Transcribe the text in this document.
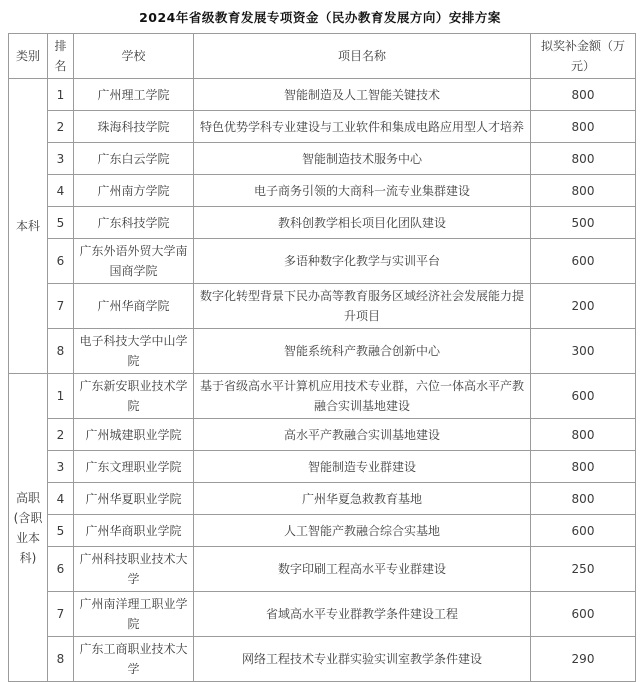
2024年省级教育发展专项资金（民办教育发展方向）安排方案
类别	排名	学校	项目名称	拟奖补金额（万元）
本科	1	广州理工学院	智能制造及人工智能关键技术	800
	2	珠海科技学院	特色优势学科专业建设与工业软件和集成电路应用型人才培养	800
	3	广东白云学院	智能制造技术服务中心	800
	4	广州南方学院	电子商务引领的大商科一流专业集群建设	800
	5	广东科技学院	教科创教学相长项目化团队建设	500
	6	广东外语外贸大学南国商学院	多语种数字化教学与实训平台	600
	7	广州华商学院	数字化转型背景下民办高等教育服务区域经济社会发展能力提升项目	200
	8	电子科技大学中山学院	智能系统科产教融合创新中心	300
高职(含职业本科)	1	广东新安职业技术学院	基于省级高水平计算机应用技术专业群，六位一体高水平产教融合实训基地建设	600
	2	广州城建职业学院	高水平产教融合实训基地建设	800
	3	广东文理职业学院	智能制造专业群建设	800
	4	广州华夏职业学院	广州华夏急救教育基地	800
	5	广州华商职业学院	人工智能产教融合综合实基地	600
	6	广州科技职业技术大学	数字印刷工程高水平专业群建设	250
	7	广州南洋理工职业学院	省域高水平专业群教学条件建设工程	600
	8	广东工商职业技术大学	网络工程技术专业群实验实训室教学条件建设	290
